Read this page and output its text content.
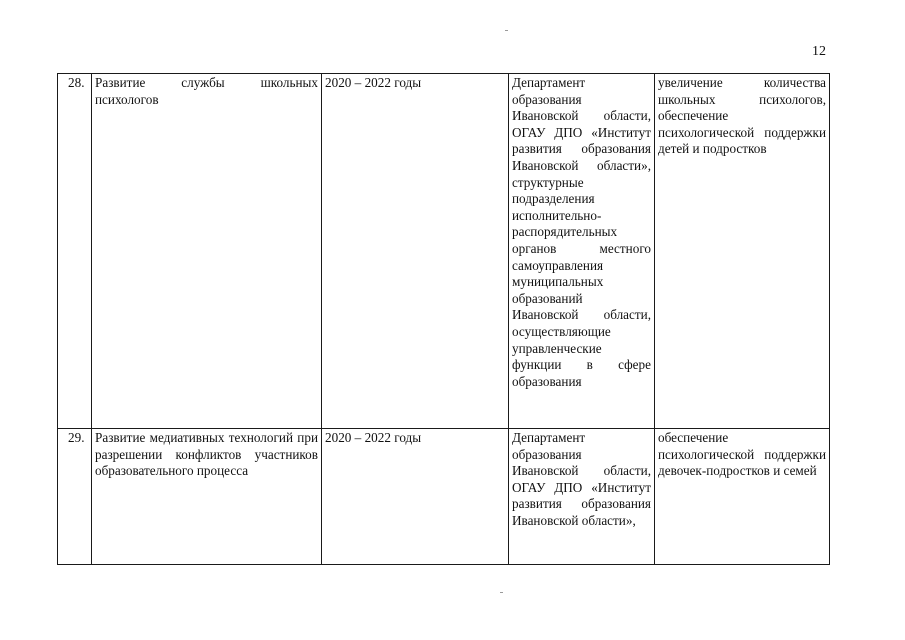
12
28.	Развитие службы школьных психологов	2020 – 2022 годы	Департамент образования Ивановской области, ОГАУ ДПО «Институт развития образования Ивановской области», структурные подразделения исполнительно-распорядительных органов местного самоуправления муниципальных образований Ивановской области, осуществляющие управленческие функции в сфере образования	увеличение количества школьных психологов, обеспечение психологической поддержки детей и подростков
29.	Развитие медиативных технологий при разрешении конфликтов участников образовательного процесса	2020 – 2022 годы	Департамент образования Ивановской области, ОГАУ ДПО «Институт развития образования Ивановской области»,	обеспечение психологической поддержки девочек-подростков и семей
